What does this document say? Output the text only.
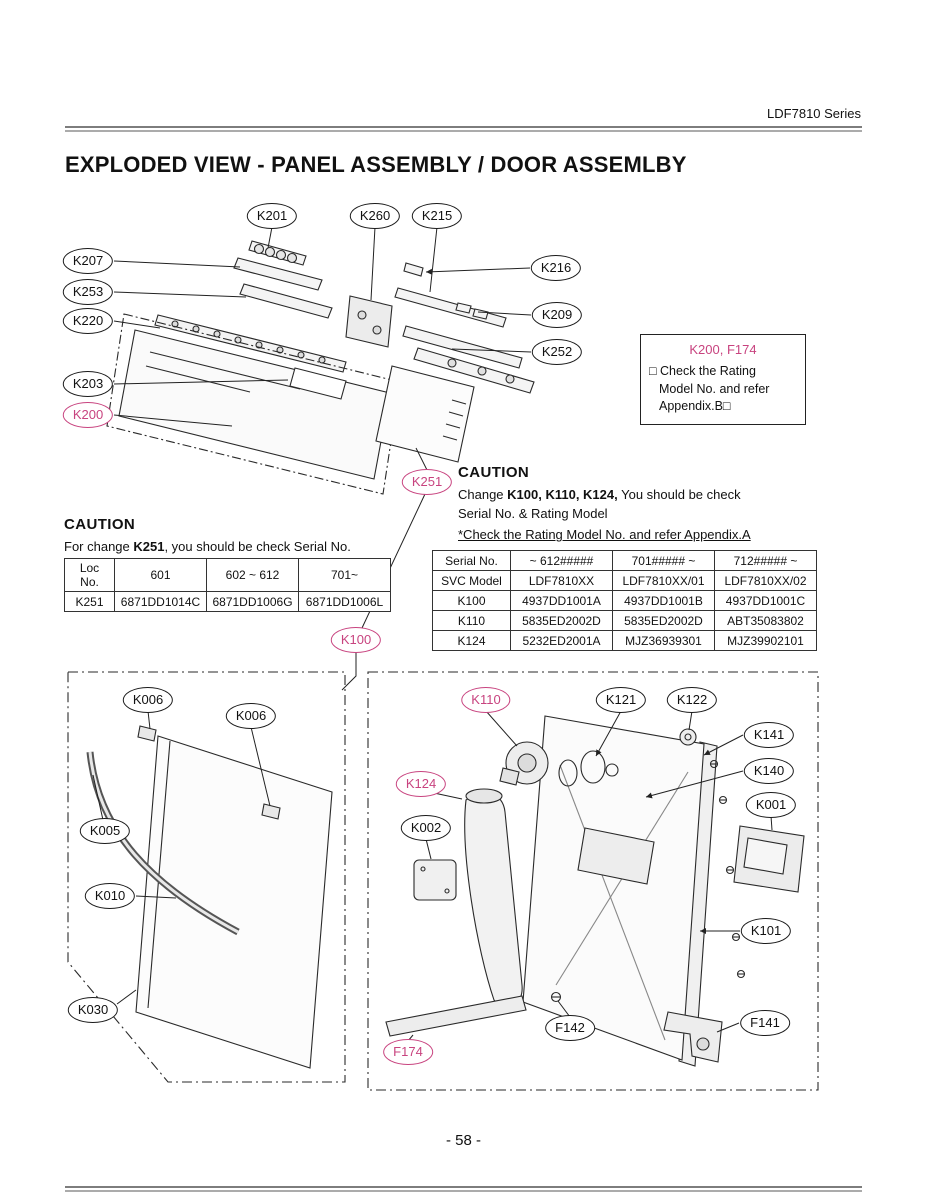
LDF7810 Series
EXPLODED VIEW - PANEL ASSEMBLY / DOOR ASSEMLBY
K201	K260	K215
K207
K253
K220
K216
K209
K252
K203
K200
K251
K100
K006
K006
K005
K010
K030
K110	K121	K122
K141
K140
K001
K124
K002
K101
F142	F141
F174
K200, F174
□ Check the Rating
Model No. and refer
Appendix.B□
CAUTION
For change K251, you should be check Serial No.
Loc No.	601	602 ~ 612	701~
K251	6871DD1014C	6871DD1006G	6871DD1006L
CAUTION
Change K100, K110, K124, You should be check
Serial No. & Rating Model
*Check the Rating Model No. and refer Appendix.A
Serial No.	~ 612#####	701##### ~	712##### ~
SVC Model	LDF7810XX	LDF7810XX/01	LDF7810XX/02
K100	4937DD1001A	4937DD1001B	4937DD1001C
K110	5835ED2002D	5835ED2002D	ABT35083802
K124	5232ED2001A	MJZ36939301	MJZ39902101
- 58 -
